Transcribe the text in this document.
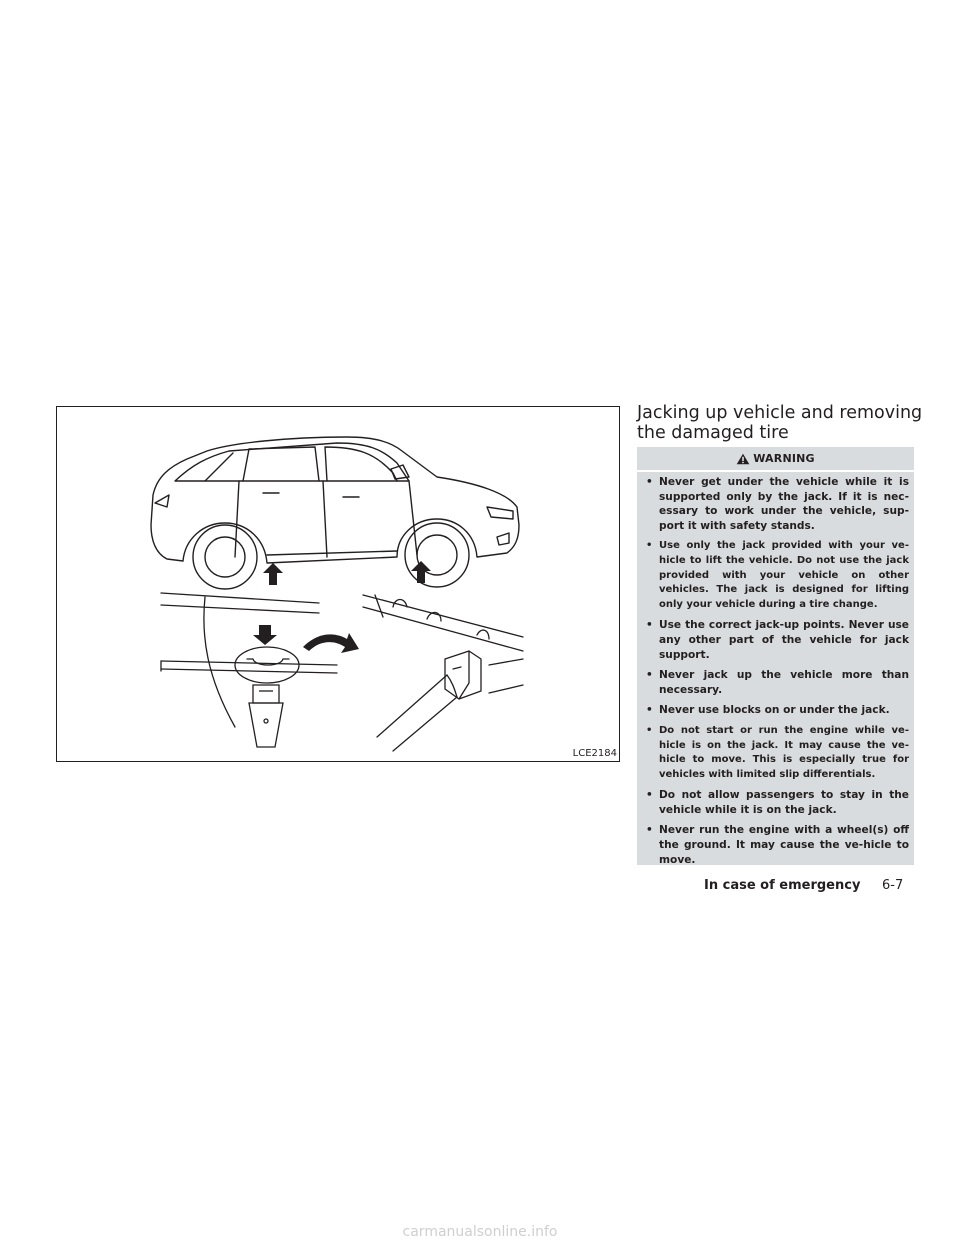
LCE2184
Jacking up vehicle and removing
the damaged tire
WARNING
• Never get under the vehicle while it is supported only by the jack. If it is nec-essary to work under the vehicle, sup-port it with safety stands.
• Use only the jack provided with your ve-hicle to lift the vehicle. Do not use the jack provided with your vehicle on other vehicles. The jack is designed for lifting only your vehicle during a tire change.
• Use the correct jack-up points. Never use any other part of the vehicle for jack support.
• Never jack up the vehicle more than necessary.
• Never use blocks on or under the jack.
• Do not start or run the engine while ve-hicle is on the jack. It may cause the ve-hicle to move. This is especially true for vehicles with limited slip differentials.
• Do not allow passengers to stay in the vehicle while it is on the jack.
• Never run the engine with a wheel(s) off the ground. It may cause the ve-hicle to move.
In case of emergency 6-7
carmanualsonline.info
